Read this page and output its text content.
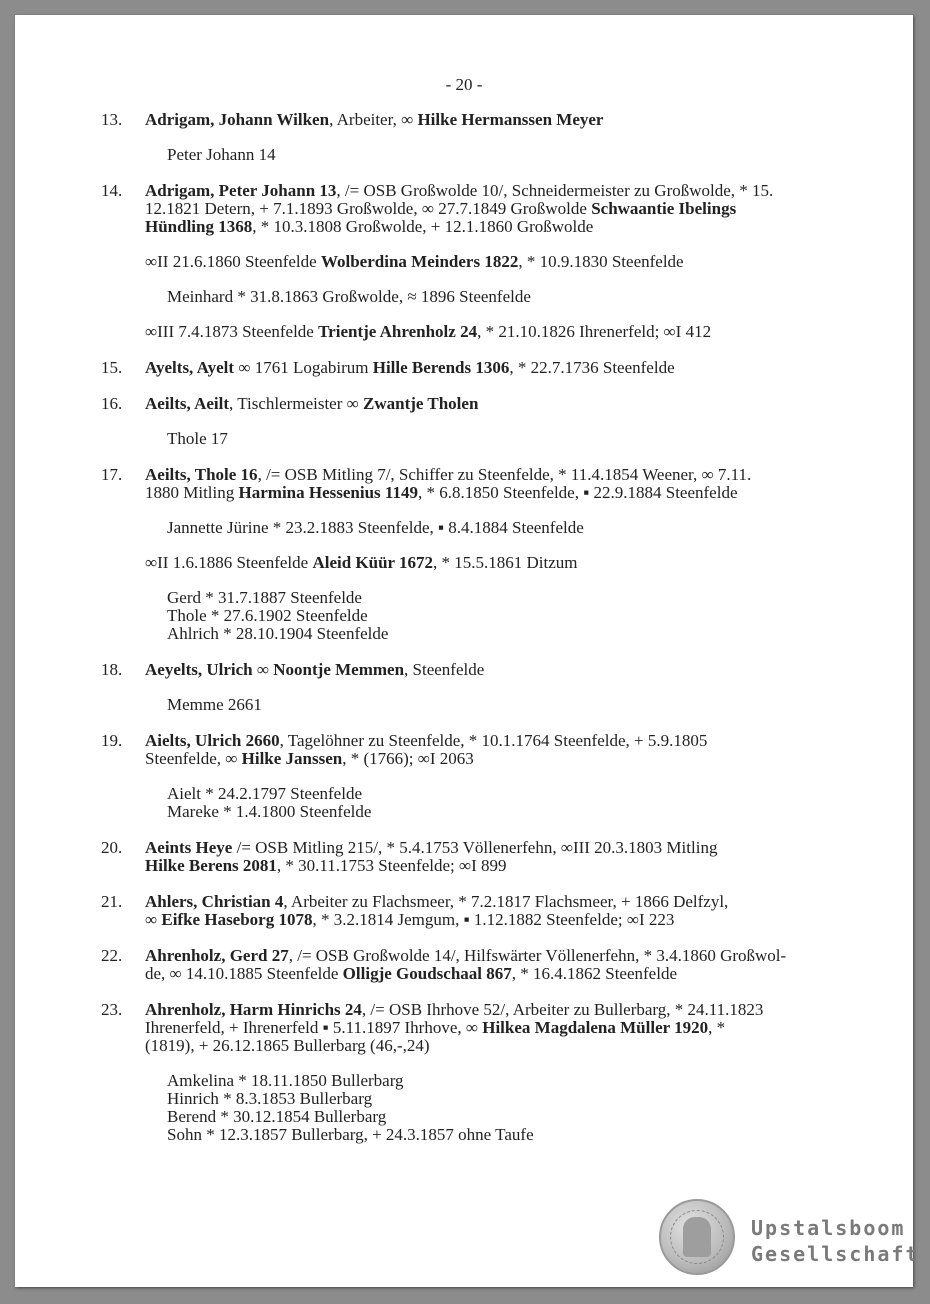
- 20 -
13.	Adrigam, Johann Wilken, Arbeiter, ∞ Hilke Hermanssen Meyer
Peter Johann 14
14.	Adrigam, Peter Johann 13, /= OSB Großwolde 10/, Schneidermeister zu Großwolde, * 15.
12.1821 Detern, + 7.1.1893 Großwolde, ∞ 27.7.1849 Großwolde Schwaantie Ibelings
Hündling 1368, * 10.3.1808 Großwolde, + 12.1.1860 Großwolde
∞II 21.6.1860 Steenfelde Wolberdina Meinders 1822, * 10.9.1830 Steenfelde
Meinhard * 31.8.1863 Großwolde, ≈ 1896 Steenfelde
∞III 7.4.1873 Steenfelde Trientje Ahrenholz 24, * 21.10.1826 Ihrenerfeld; ∞I 412
15.	Ayelts, Ayelt ∞ 1761 Logabirum Hille Berends 1306, * 22.7.1736 Steenfelde
16.	Aeilts, Aeilt, Tischlermeister ∞ Zwantje Tholen
Thole 17
17.	Aeilts, Thole 16, /= OSB Mitling 7/, Schiffer zu Steenfelde, * 11.4.1854 Weener, ∞ 7.11.
1880 Mitling Harmina Hessenius 1149, * 6.8.1850 Steenfelde, ▪ 22.9.1884 Steenfelde
Jannette Jürine * 23.2.1883 Steenfelde, ▪ 8.4.1884 Steenfelde
∞II 1.6.1886 Steenfelde Aleid Küür 1672, * 15.5.1861 Ditzum
Gerd * 31.7.1887 Steenfelde
Thole * 27.6.1902 Steenfelde
Ahlrich * 28.10.1904 Steenfelde
18.	Aeyelts, Ulrich ∞ Noontje Memmen, Steenfelde
Memme 2661
19.	Aielts, Ulrich 2660, Tagelöhner zu Steenfelde, * 10.1.1764 Steenfelde, + 5.9.1805
Steenfelde, ∞ Hilke Janssen, * (1766); ∞I 2063
Aielt * 24.2.1797 Steenfelde
Mareke * 1.4.1800 Steenfelde
20.	Aeints Heye /= OSB Mitling 215/, * 5.4.1753 Völlenerfehn, ∞III 20.3.1803 Mitling
Hilke Berens 2081, * 30.11.1753 Steenfelde; ∞I 899
21.	Ahlers, Christian 4, Arbeiter zu Flachsmeer, * 7.2.1817 Flachsmeer, + 1866 Delfzyl,
∞ Eifke Haseborg 1078, * 3.2.1814 Jemgum, ▪ 1.12.1882 Steenfelde; ∞I 223
22.	Ahrenholz, Gerd 27, /= OSB Großwolde 14/, Hilfswärter Völlenerfehn, * 3.4.1860 Großwol-
de, ∞ 14.10.1885 Steenfelde Olligje Goudschaal 867, * 16.4.1862 Steenfelde
23.	Ahrenholz, Harm Hinrichs 24, /= OSB Ihrhove 52/, Arbeiter zu Bullerbarg, * 24.11.1823
Ihrenerfeld, + Ihrenerfeld ▪ 5.11.1897 Ihrhove, ∞ Hilkea Magdalena Müller 1920, *
(1819), + 26.12.1865 Bullerbarg (46,-,24)
Amkelina * 18.11.1850 Bullerbarg
Hinrich * 8.3.1853 Bullerbarg
Berend * 30.12.1854 Bullerbarg
Sohn * 12.3.1857 Bullerbarg, + 24.3.1857 ohne Taufe
Upstalsboom
Gesellschaft
